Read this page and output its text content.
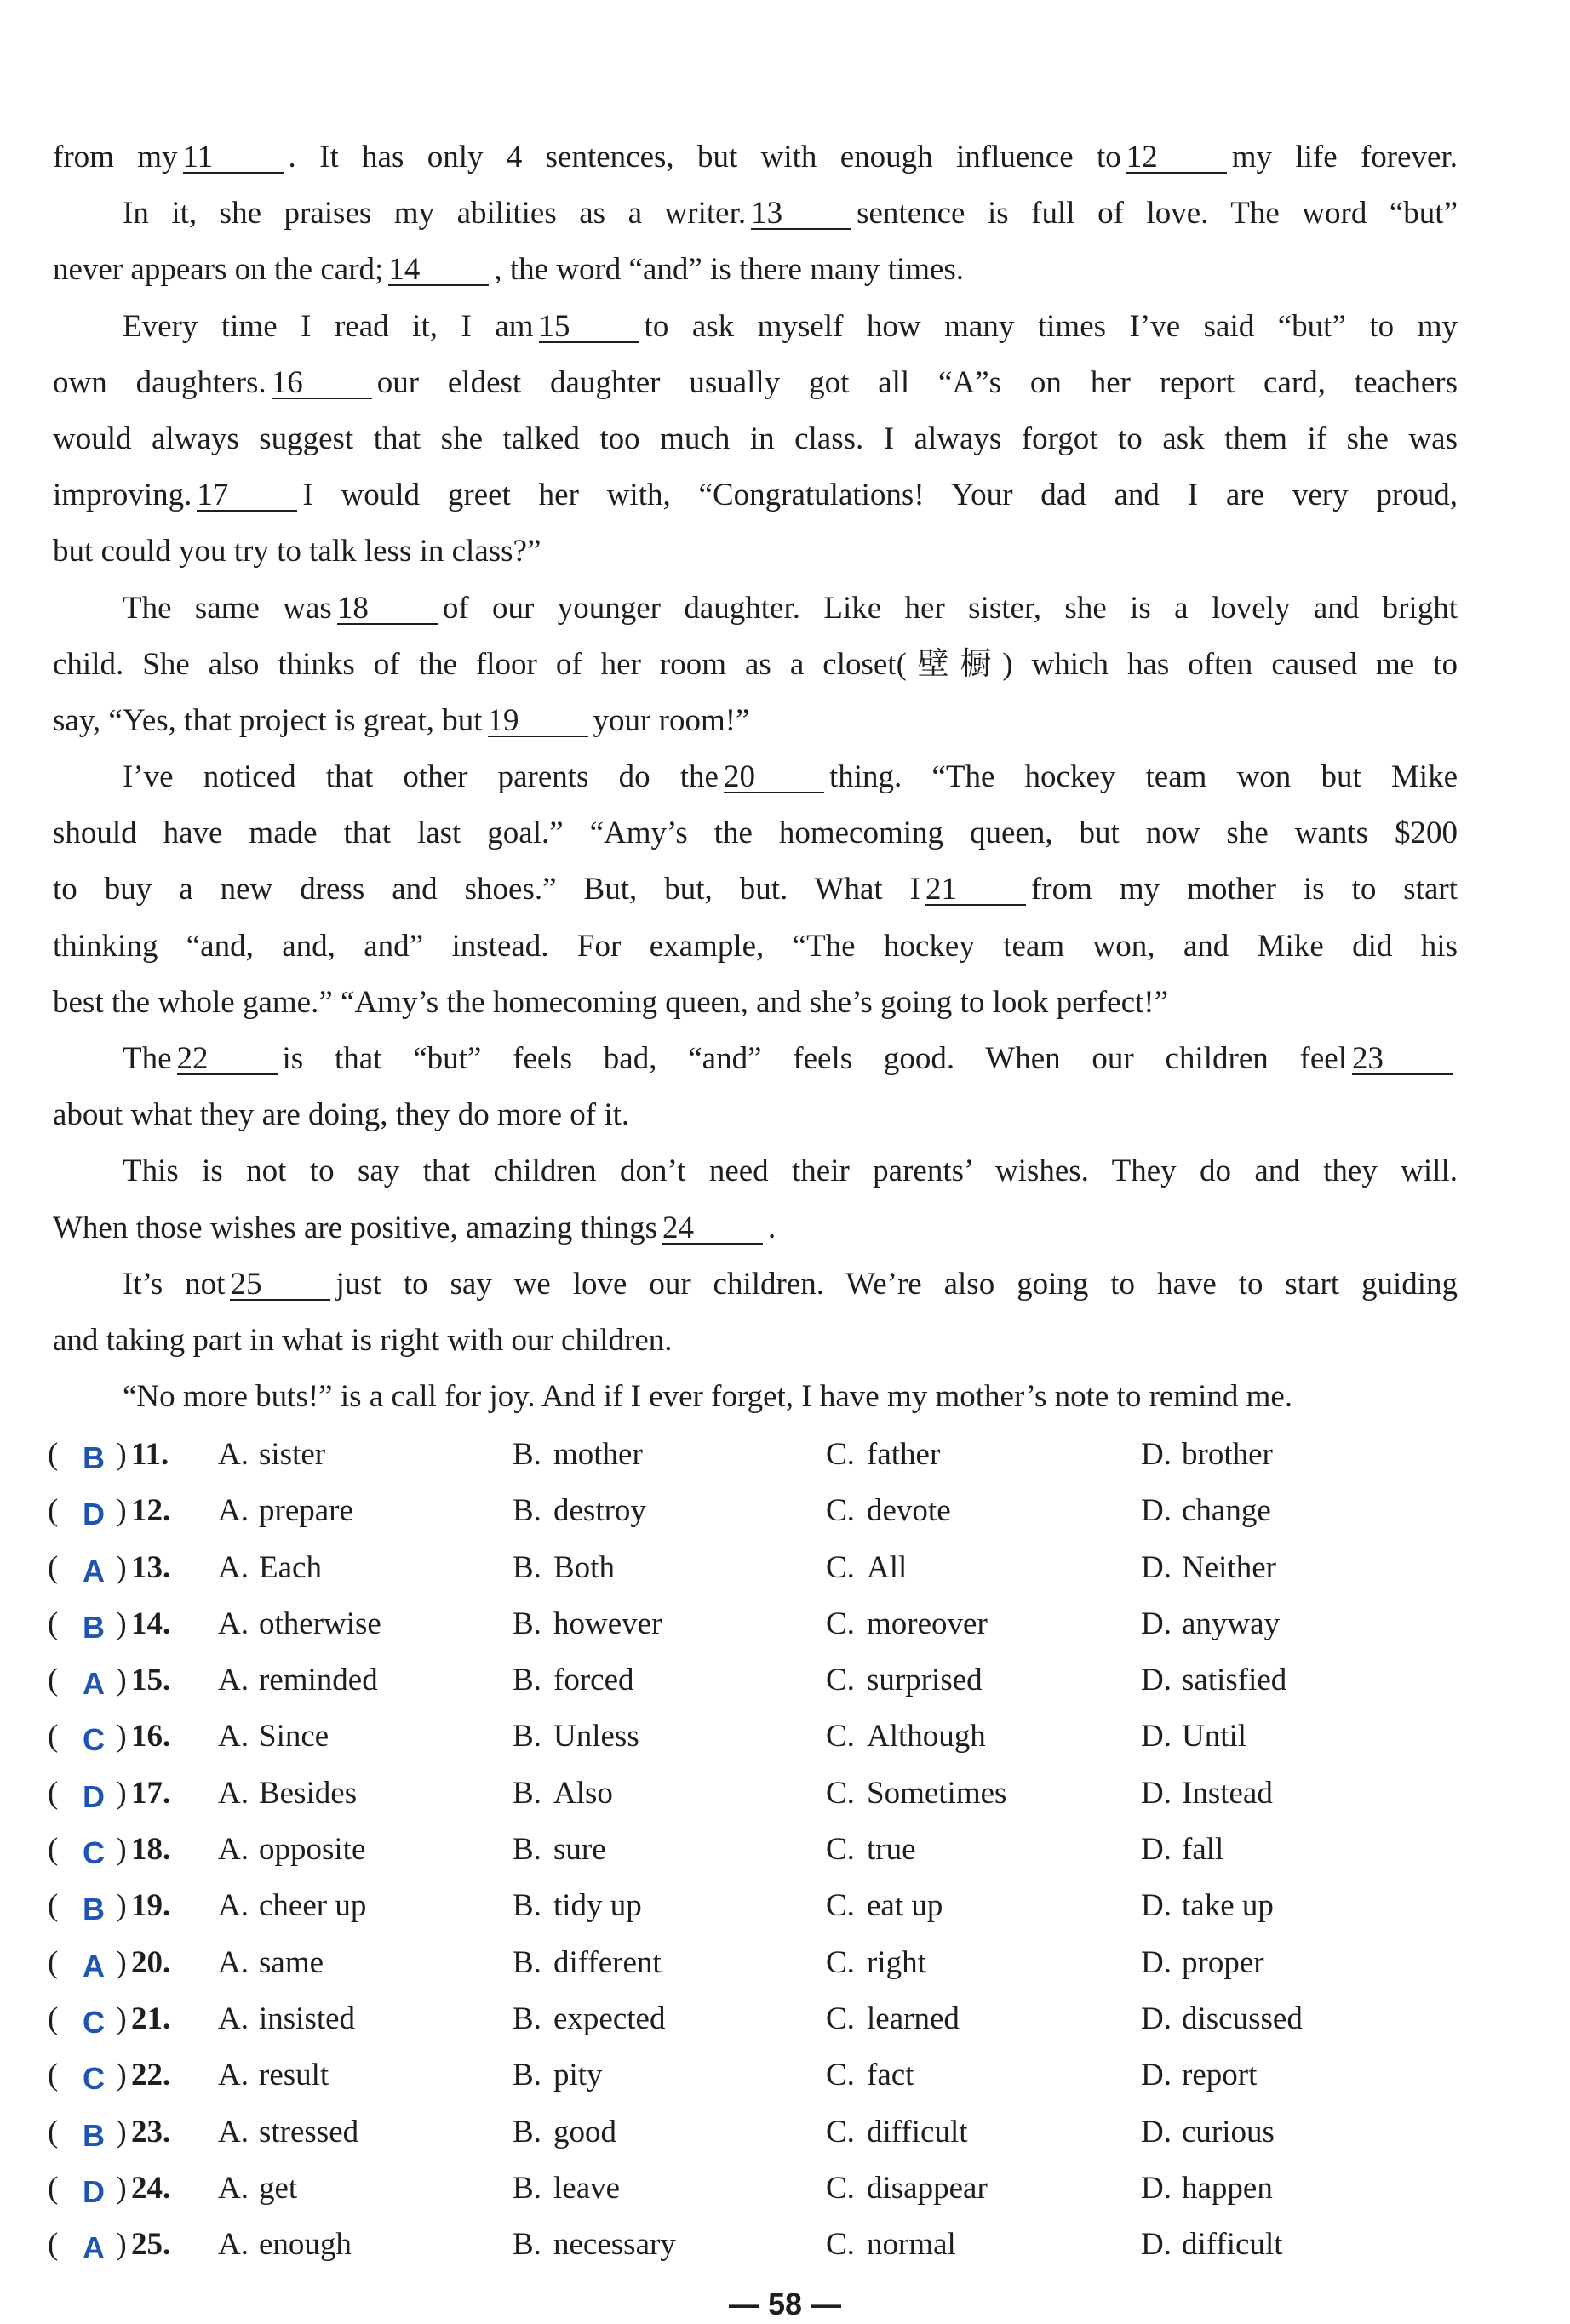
from my 11 . It has only 4 sentences, but with enough influence to 12 my life forever.
In it, she praises my abilities as a writer. 13 sentence is full of love. The word “but”
never appears on the card; 14 , the word “and” is there many times.
Every time I read it, I am 15 to ask myself how many times I’ve said “but” to my
own daughters. 16 our eldest daughter usually got all “A”s on her report card, teachers
would always suggest that she talked too much in class. I always forgot to ask them if she was
improving. 17 I would greet her with, “Congratulations! Your dad and I are very proud,
but could you try to talk less in class?”
The same was 18 of our younger daughter. Like her sister, she is a lovely and bright
child. She also thinks of the floor of her room as a closet(壁橱) which has often caused me to
say, “Yes, that project is great, but 19 your room!”
I’ve noticed that other parents do the 20 thing. “The hockey team won but Mike
should have made that last goal.” “Amy’s the homecoming queen, but now she wants $200
to buy a new dress and shoes.” But, but, but. What I 21 from my mother is to start
thinking “and, and, and” instead. For example, “The hockey team won, and Mike did his
best the whole game.” “Amy’s the homecoming queen, and she’s going to look perfect!”
The 22 is that “but” feels bad, “and” feels good. When our children feel 23
about what they are doing, they do more of it.
This is not to say that children don’t need their parents’ wishes. They do and they will.
When those wishes are positive, amazing things 24 .
It’s not 25 just to say we love our children. We’re also going to have to start guiding
and taking part in what is right with our children.
“No more buts!” is a call for joy. And if I ever forget, I have my mother’s note to remind me.
( )
B 11. A. sister	B. mother	C. father	D. brother
( )
D 12. A. prepare	B. destroy	C. devote	D. change
( )
A 13. A. Each	B. Both	C. All	D. Neither
( )
B 14. A. otherwise	B. however	C. moreover	D. anyway
( )
A 15. A. reminded	B. forced	C. surprised	D. satisfied
( )
C 16. A. Since	B. Unless	C. Although	D. Until
( )
D 17. A. Besides	B. Also	C. Sometimes	D. Instead
( )
C 18. A. opposite	B. sure	C. true	D. fall
( )
B 19. A. cheer up	B. tidy up	C. eat up	D. take up
( )
A 20. A. same	B. different	C. right	D. proper
( )
C 21. A. insisted	B. expected	C. learned	D. discussed
( )
C 22. A. result	B. pity	C. fact	D. report
( )
B 23. A. stressed	B. good	C. difficult	D. curious
( )
D 24. A. get	B. leave	C. disappear	D. happen
( )
A 25. A. enough	B. necessary	C. normal	D. difficult
— 58 —
